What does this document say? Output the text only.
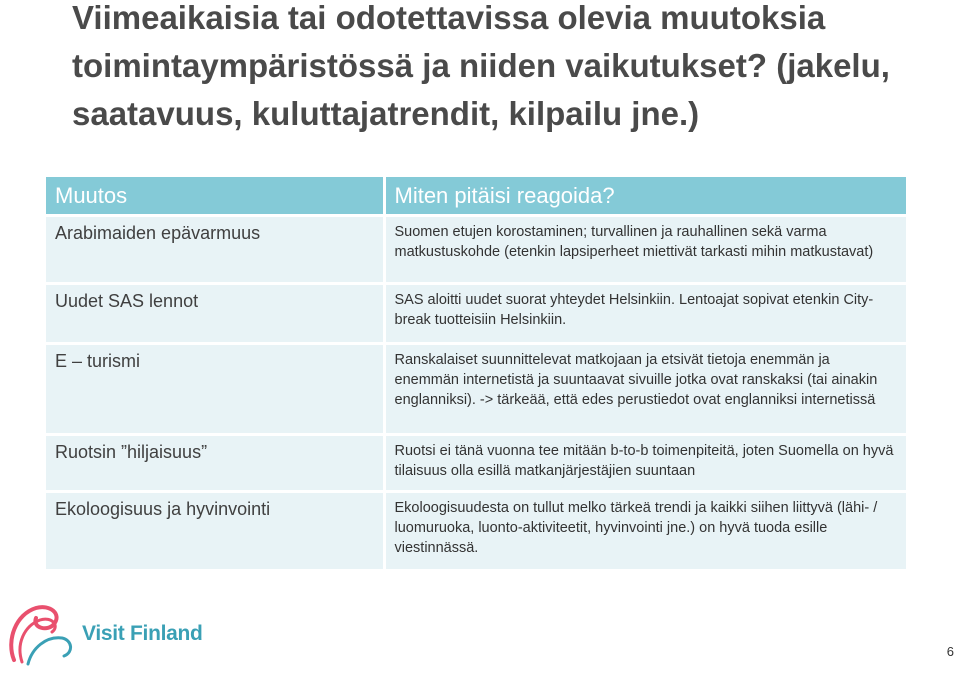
Viimeaikaisia tai odotettavissa olevia muutoksia
toimintaympäristössä ja niiden vaikutukset? (jakelu,
saatavuus, kuluttajatrendit, kilpailu jne.)
Muutos	Miten pitäisi reagoida?
Arabimaiden epävarmuus	Suomen etujen korostaminen; turvallinen ja rauhallinen sekä varma matkustuskohde (etenkin lapsiperheet miettivät tarkasti mihin matkustavat)
Uudet SAS lennot	SAS aloitti uudet suorat yhteydet Helsinkiin. Lentoajat sopivat etenkin City-break tuotteisiin Helsinkiin.
E – turismi	Ranskalaiset suunnittelevat matkojaan ja etsivät tietoja enemmän ja enemmän internetistä ja suuntaavat sivuille jotka ovat ranskaksi (tai ainakin englanniksi). -> tärkeää, että edes perustiedot ovat englanniksi internetissä
Ruotsin ”hiljaisuus”	Ruotsi ei tänä vuonna tee mitään b-to-b toimenpiteitä, joten Suomella on hyvä tilaisuus olla esillä matkanjärjestäjien suuntaan
Ekoloogisuus ja hyvinvointi	Ekoloogisuudesta on tullut melko tärkeä trendi ja kaikki siihen liittyvä (lähi- / luomuruoka, luonto-aktiviteetit, hyvinvointi jne.) on hyvä tuoda esille viestinnässä.
Visit Finland
6
